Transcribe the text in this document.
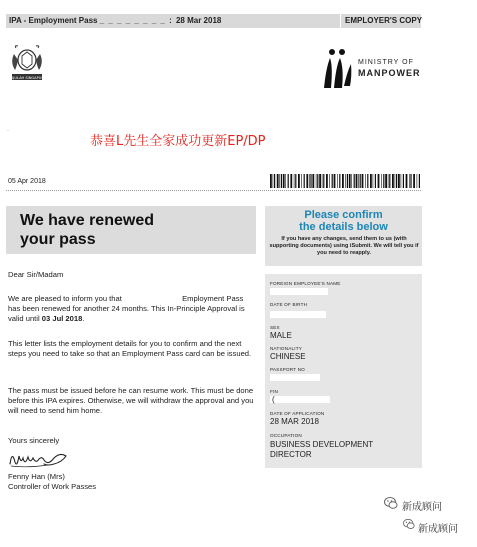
IPA - Employment Pass _ _ _ _ _ _ _ _ : 28 Mar 2018	EMPLOYER'S COPY
MAJULAH SINGAPURA
MINISTRY OF
MANPOWER
·
恭喜L先生全家成功更新EP/DP
05 Apr 2018
We have renewed
your pass
Please confirm
the details below
If you have any changes, send them to us (with supporting documents) using iSubmit. We will tell you if you need to reapply.
Dear Sir/Madam
We are pleased to inform you that	Employment Pass has been renewed for another 24 months. This In-Principle Approval is valid until 03 Jul 2018.
This letter lists the employment details for you to confirm and the next steps you need to take so that an Employment Pass card can be issued.
The pass must be issued before he can resume work. This must be done before this IPA expires. Otherwise, we will withdraw the approval and you will need to send him home.
Yours sincerely
Fenny Han (Mrs)
Controller of Work Passes
FOREIGN EMPLOYEE'S NAME
DATE OF BIRTH
SEX
MALE
NATIONALITY
CHINESE
PASSPORT NO
FIN
(
DATE OF APPLICATION
28 MAR 2018
OCCUPATION
BUSINESS DEVELOPMENT
DIRECTOR
新成顾问
新成顾问
